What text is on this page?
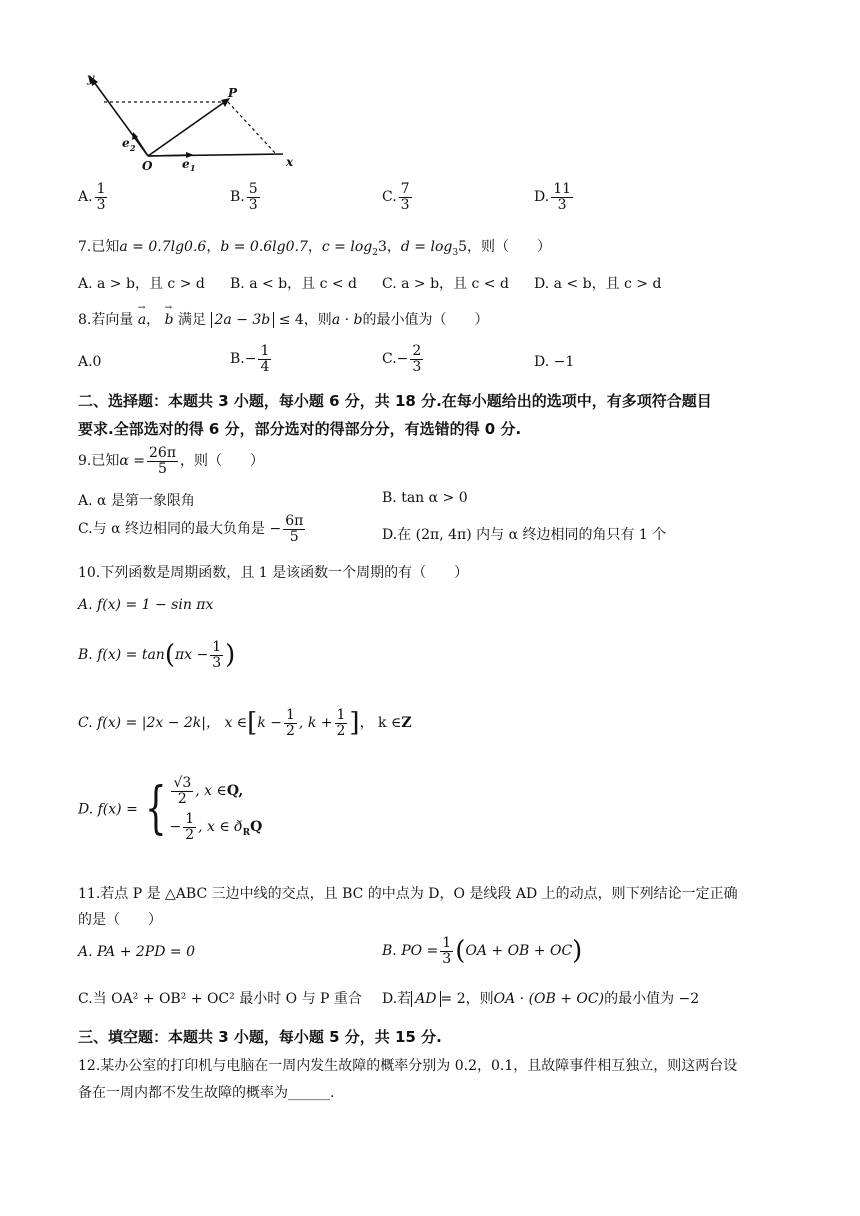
y
P
e 2
O e 1	x
A. $\frac{1}{3}$	B. $\frac{5}{3}$	C. $\frac{7}{3}$	D. $\frac{11}{3}$
7.已知a = 0.7lg0.6，b = 0.6lg0.7，$c = \log_23$，$d = \log_35$，则（　　）
A. a > b，且 c > d B. a < b，且 c < d C. a > b，且 c < d D. a < b，且 c > d
8.若向量 → a， → b 满足 2a − 3b ≤ 4，则a · b的最小值为（　　）
A.0	$B.- \frac{1}{4}$	$C.- \frac{2}{3}$	D. −1
二、选择题：本题共 3 小题，每小题 6 分，共 18 分.在每小题给出的选项中，有多项符合题目
要求.全部选对的得 6 分，部分选对的得部分分，有选错的得 0 分.
9.已知$\alpha = \frac{26\pi}{5}$ ，则（　　）
A. α 是第一象限角	B. tan α > 0
C.与 α 终边相同的最大负角是 − $\frac{6\pi}{5}$	D.在 (2π, 4π) 内与 α 终边相同的角只有 1 个
10.下列函数是周期函数，且 1 是该函数一个周期的有（　　）
A. f(x) = 1 − sin πx
B. $f(x) = \tan(\pi x - \frac{1}{3}$ )
C. f(x) = |2x − 2k|， x ∈[k − $\frac{1}{2}$ , $k + \frac{1}{2}$ ]， k ∈Z
D. f(x) = { $\frac{√3}{2}$ , x ∈Q,
− $\frac{1}{2}$ , x ∈ $ð_RQ$
11.若点 P 是 △ABC 三边中线的交点，且 BC 的中点为 D，O 是线段 AD 上的动点，则下列结论一定正确
的是（　　）
A. PA + 2PD = 0	B. PO = $\frac{1}{3} (OA$ + OB + OC)
C.当 OA² + OB² + OC² 最小时 O 与 P 重合 D.若 AD = 2，则OA · (OB + OC)的最小值为 −2
三、填空题：本题共 3 小题，每小题 5 分，共 15 分.
12.某办公室的打印机与电脑在一周内发生故障的概率分别为 0.2，0.1，且故障事件相互独立，则这两台设
备在一周内都不发生故障的概率为______.
